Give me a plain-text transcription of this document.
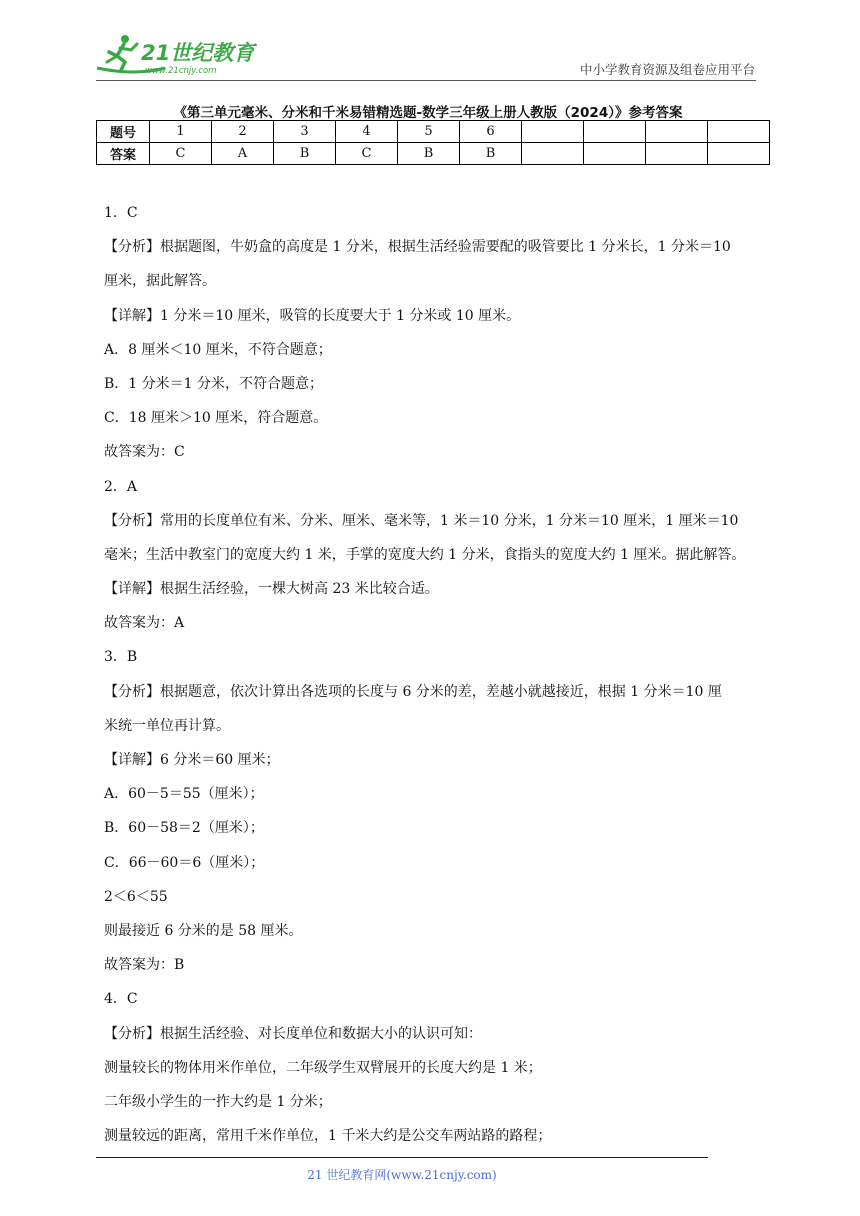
21世纪教育
www.21cnjy.com	中小学教育资源及组卷应用平台
《第三单元毫米、分米和千米易错精选题-数学三年级上册人教版（2024）》参考答案
题号	1	2	3	4	5	6				
答案	C	A	B	C	B	B				
1．C
【分析】根据题图，牛奶盒的高度是 1 分米，根据生活经验需要配的吸管要比 1 分米长，1 分米＝10
厘米，据此解答。
【详解】1 分米＝10 厘米，吸管的长度要大于 1 分米或 10 厘米。
A．8 厘米＜10 厘米，不符合题意；
B．1 分米＝1 分米，不符合题意；
C．18 厘米＞10 厘米，符合题意。
故答案为：C
2．A
【分析】常用的长度单位有米、分米、厘米、毫米等，1 米＝10 分米，1 分米＝10 厘米，1 厘米＝10
毫米；生活中教室门的宽度大约 1 米，手掌的宽度大约 1 分米，食指头的宽度大约 1 厘米。据此解答。
【详解】根据生活经验，一棵大树高 23 米比较合适。
故答案为：A
3．B
【分析】根据题意，依次计算出各选项的长度与 6 分米的差，差越小就越接近，根据 1 分米＝10 厘
米统一单位再计算。
【详解】6 分米＝60 厘米；
A．60－5＝55（厘米）；
B．60－58＝2（厘米）；
C．66－60＝6（厘米）；
2＜6＜55
则最接近 6 分米的是 58 厘米。
故答案为：B
4．C
【分析】根据生活经验、对长度单位和数据大小的认识可知：
测量较长的物体用米作单位，二年级学生双臂展开的长度大约是 1 米；
二年级小学生的一拃大约是 1 分米；
测量较远的距离，常用千米作单位，1 千米大约是公交车两站路的路程；
21 世纪教育网(www.21cnjy.com)
